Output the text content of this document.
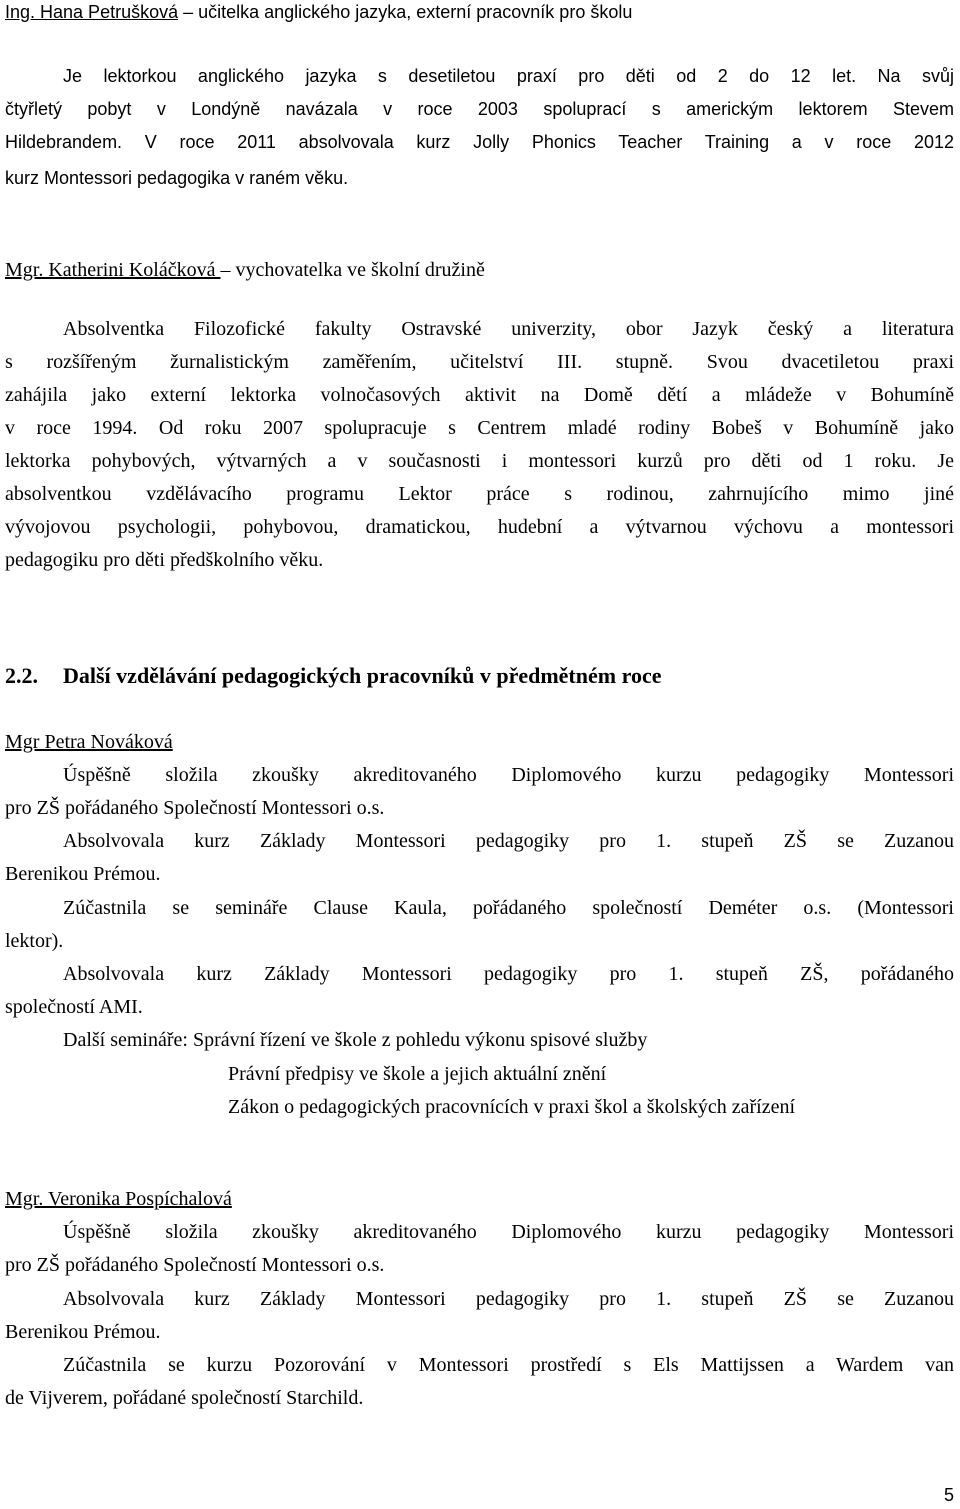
Ing. Hana Petrušková – učitelka anglického jazyka, externí pracovník pro školu

Je lektorkou anglického jazyka s desetiletou praxí pro děti od 2 do 12 let. Na svůj

čtyřletý pobyt v Londýně navázala v roce 2003 spoluprací s americkým lektorem Stevem

Hildebrandem. V roce 2011 absolvovala kurz Jolly Phonics Teacher Training a v roce 2012

kurz Montessori pedagogika v raném věku.

Mgr. Katherini Koláčková – vychovatelka ve školní družině

Absolventka Filozofické fakulty Ostravské univerzity, obor Jazyk český a literatura

s rozšířeným žurnalistickým zaměřením, učitelství III. stupně. Svou dvacetiletou praxi

zahájila jako externí lektorka volnočasových aktivit na Domě dětí a mládeže v Bohumíně

v roce 1994. Od roku 2007 spolupracuje s Centrem mladé rodiny Bobeš v Bohumíně jako

lektorka pohybových, výtvarných a v současnosti i montessori kurzů pro děti od 1 roku. Je

absolventkou vzdělávacího programu Lektor práce s rodinou, zahrnujícího mimo jiné

vývojovou psychologii, pohybovou, dramatickou, hudební a výtvarnou výchovu a montessori

pedagogiku pro děti předškolního věku.

2.2. Další vzdělávání pedagogických pracovníků v předmětném roce

Mgr Petra Nováková

Úspěšně složila zkoušky akreditovaného Diplomového kurzu pedagogiky Montessori

pro ZŠ pořádaného Společností Montessori o.s.

Absolvovala kurz Základy Montessori pedagogiky pro 1. stupeň ZŠ se Zuzanou

Berenikou Prémou.

Zúčastnila se semináře Clause Kaula, pořádaného společností Deméter o.s. (Montessori

lektor).

Absolvovala kurz Základy Montessori pedagogiky pro 1. stupeň ZŠ, pořádaného

společností AMI.

Další semináře: Správní řízení ve škole z pohledu výkonu spisové služby

Právní předpisy ve škole a jejich aktuální znění

Zákon o pedagogických pracovnících v praxi škol a školských zařízení

Mgr. Veronika Pospíchalová

Úspěšně složila zkoušky akreditovaného Diplomového kurzu pedagogiky Montessori

pro ZŠ pořádaného Společností Montessori o.s.

Absolvovala kurz Základy Montessori pedagogiky pro 1. stupeň ZŠ se Zuzanou

Berenikou Prémou.

Zúčastnila se kurzu Pozorování v Montessori prostředí s Els Mattijssen a Wardem van

de Vijverem, pořádané společností Starchild.

5
